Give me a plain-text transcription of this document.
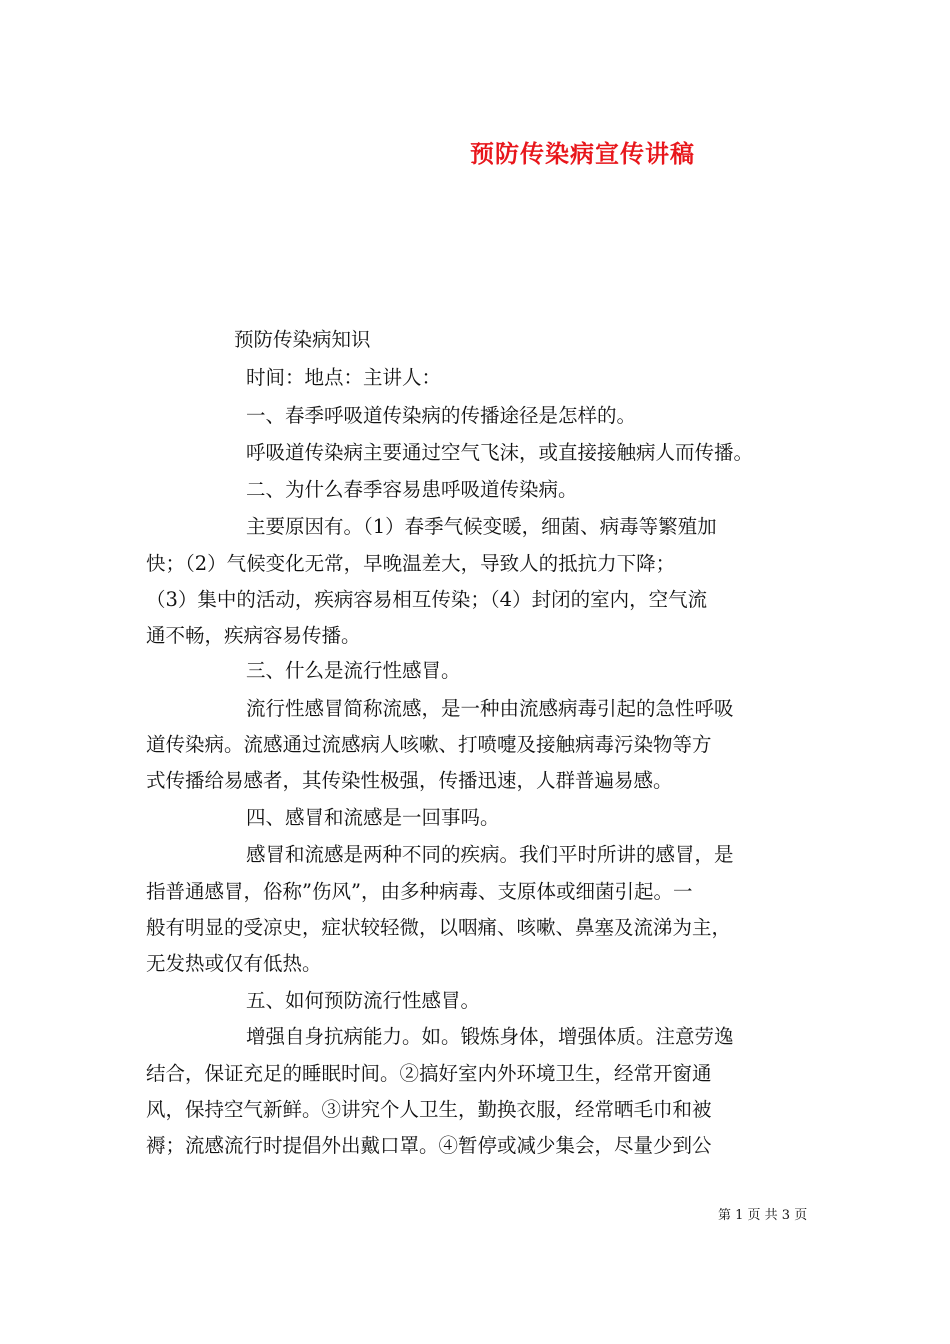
预防传染病宣传讲稿
预防传染病知识
时间：地点：主讲人：
一、春季呼吸道传染病的传播途径是怎样的。
呼吸道传染病主要通过空气飞沫，或直接接触病人而传播。
二、为什么春季容易患呼吸道传染病。
主要原因有。（1）春季气候变暖，细菌、病毒等繁殖加
快；（2）气候变化无常，早晚温差大，导致人的抵抗力下降；
（3）集中的活动，疾病容易相互传染；（4）封闭的室内，空气流
通不畅，疾病容易传播。
三、什么是流行性感冒。
流行性感冒简称流感，是一种由流感病毒引起的急性呼吸
道传染病。流感通过流感病人咳嗽、打喷嚏及接触病毒污染物等方
式传播给易感者，其传染性极强，传播迅速，人群普遍易感。
四、感冒和流感是一回事吗。
感冒和流感是两种不同的疾病。我们平时所讲的感冒，是
指普通感冒，俗称”伤风”，由多种病毒、支原体或细菌引起。一
般有明显的受凉史，症状较轻微，以咽痛、咳嗽、鼻塞及流涕为主，
无发热或仅有低热。
五、如何预防流行性感冒。
增强自身抗病能力。如。锻炼身体，增强体质。注意劳逸
结合，保证充足的睡眠时间。②搞好室内外环境卫生，经常开窗通
风，保持空气新鲜。③讲究个人卫生，勤换衣服，经常晒毛巾和被
褥；流感流行时提倡外出戴口罩。④暂停或减少集会，尽量少到公
第 1 页 共 3 页
